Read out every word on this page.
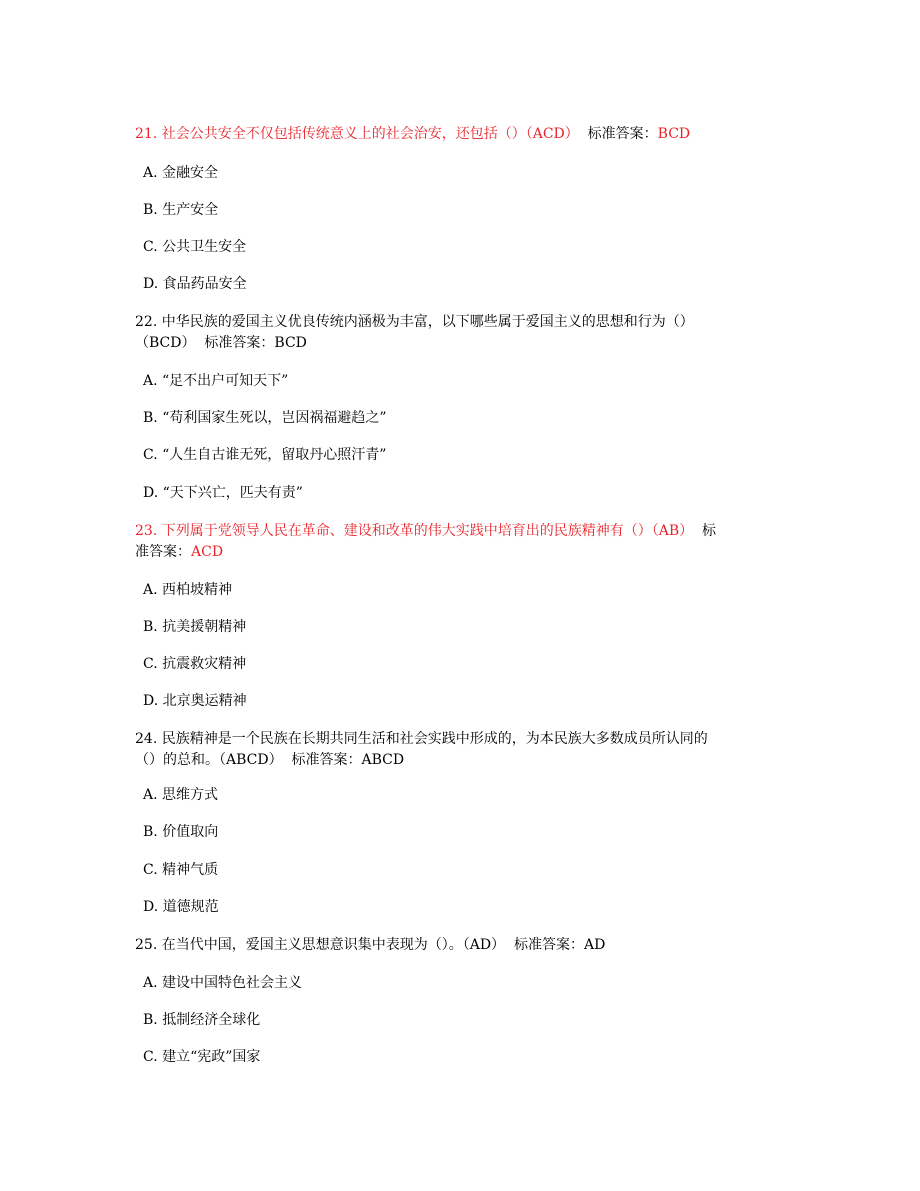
21. 社会公共安全不仅包括传统意义上的社会治安，还包括（）（ACD） 标准答案：BCD
A. 金融安全
B. 生产安全
C. 公共卫生安全
D. 食品药品安全
22. 中华民族的爱国主义优良传统内涵极为丰富，以下哪些属于爱国主义的思想和行为（）（BCD） 标准答案：BCD
A. “足不出户可知天下”
B. “苟利国家生死以，岂因祸福避趋之”
C. “人生自古谁无死，留取丹心照汗青”
D. “天下兴亡，匹夫有责”
23. 下列属于党领导人民在革命、建设和改革的伟大实践中培育出的民族精神有（）（AB） 标准答案：ACD
A. 西柏坡精神
B. 抗美援朝精神
C. 抗震救灾精神
D. 北京奥运精神
24. 民族精神是一个民族在长期共同生活和社会实践中形成的，为本民族大多数成员所认同的（）的总和。（ABCD） 标准答案：ABCD
A. 思维方式
B. 价值取向
C. 精神气质
D. 道德规范
25. 在当代中国，爱国主义思想意识集中表现为（）。（AD） 标准答案：AD
A. 建设中国特色社会主义
B. 抵制经济全球化
C. 建立“宪政”国家
